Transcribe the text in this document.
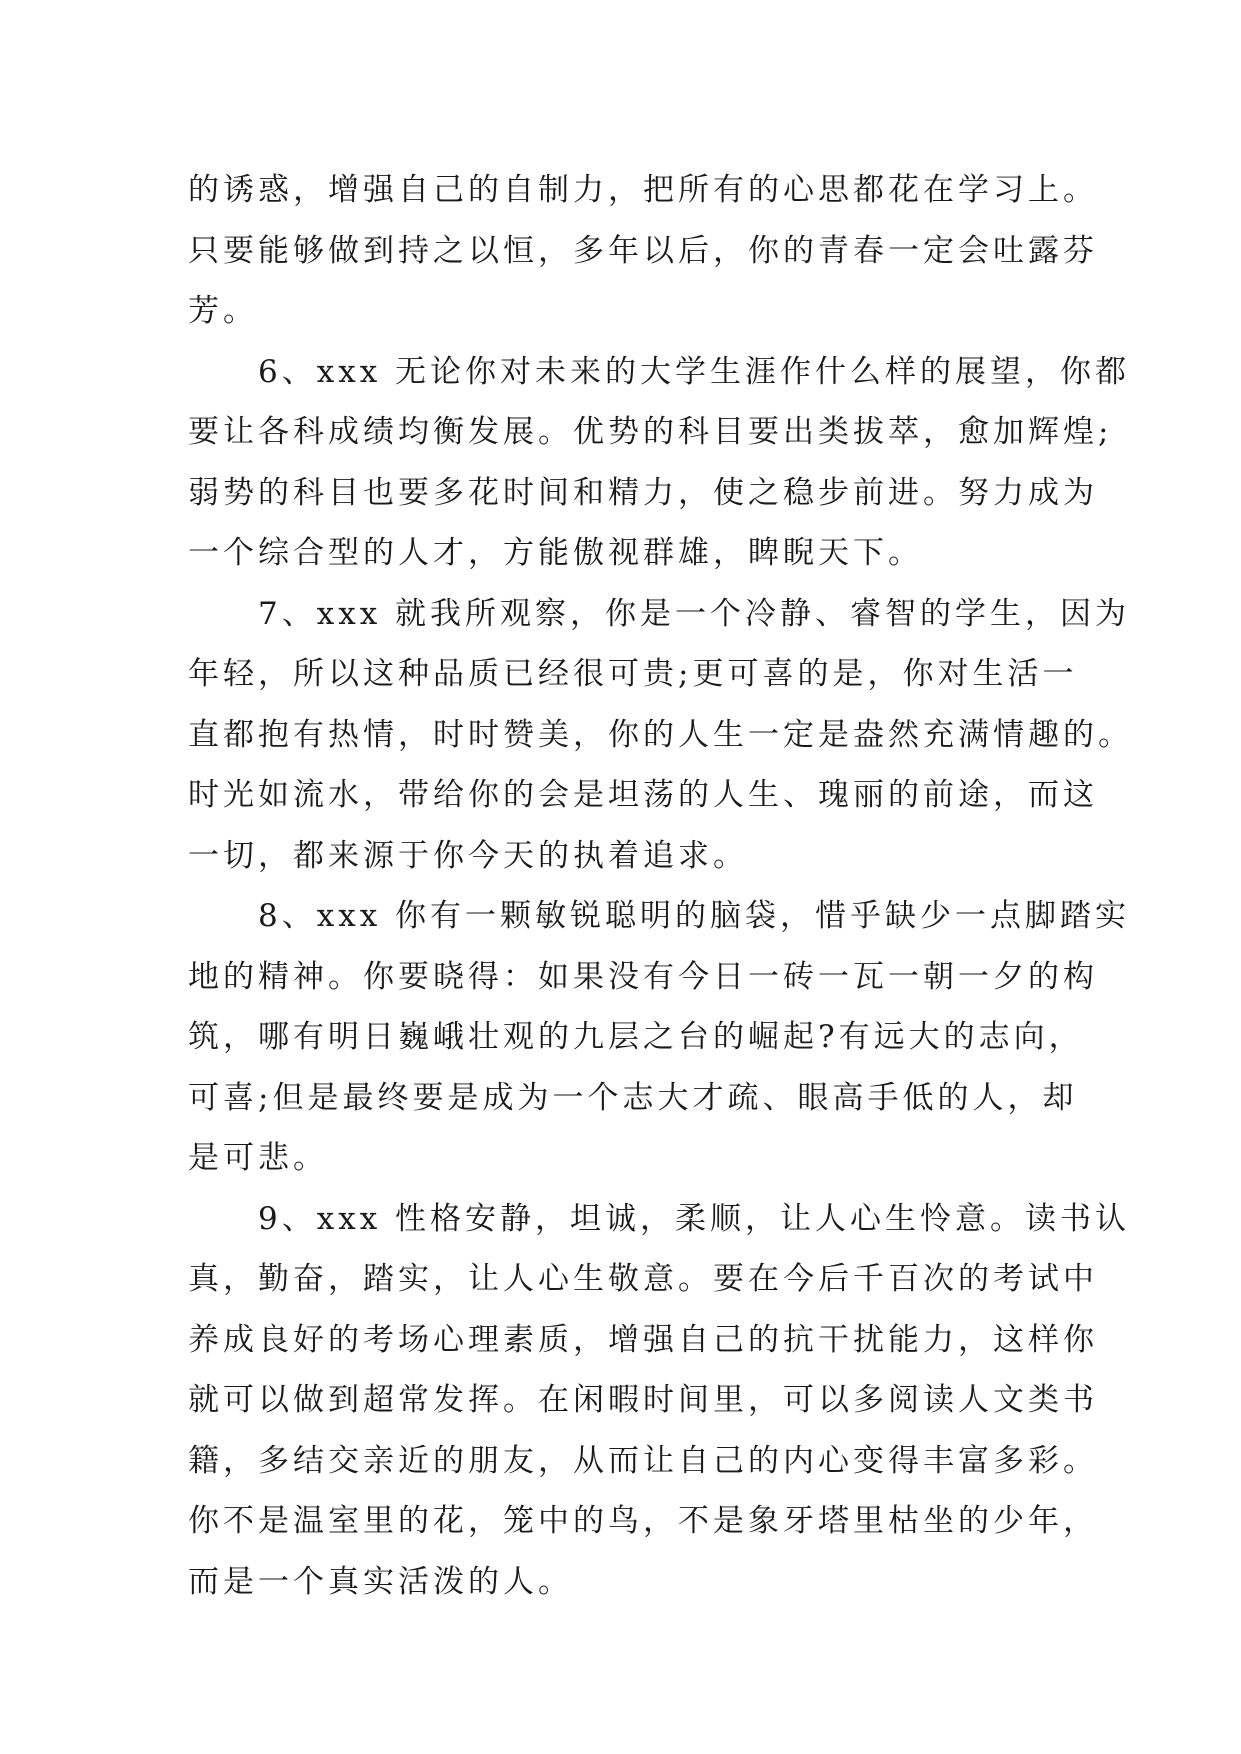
的诱惑，增强自己的自制力，把所有的心思都花在学习上。
只要能够做到持之以恒，多年以后，你的青春一定会吐露芬
芳。
　　6、xxx 无论你对未来的大学生涯作什么样的展望，你都
要让各科成绩均衡发展。优势的科目要出类拔萃，愈加辉煌;
弱势的科目也要多花时间和精力，使之稳步前进。努力成为
一个综合型的人才，方能傲视群雄，睥睨天下。
　　7、xxx 就我所观察，你是一个冷静、睿智的学生，因为
年轻，所以这种品质已经很可贵;更可喜的是，你对生活一
直都抱有热情，时时赞美，你的人生一定是盎然充满情趣的。
时光如流水，带给你的会是坦荡的人生、瑰丽的前途，而这
一切，都来源于你今天的执着追求。
　　8、xxx 你有一颗敏锐聪明的脑袋，惜乎缺少一点脚踏实
地的精神。你要晓得：如果没有今日一砖一瓦一朝一夕的构
筑，哪有明日巍峨壮观的九层之台的崛起?有远大的志向，
可喜;但是最终要是成为一个志大才疏、眼高手低的人，却
是可悲。
　　9、xxx 性格安静，坦诚，柔顺，让人心生怜意。读书认
真，勤奋，踏实，让人心生敬意。要在今后千百次的考试中
养成良好的考场心理素质，增强自己的抗干扰能力，这样你
就可以做到超常发挥。在闲暇时间里，可以多阅读人文类书
籍，多结交亲近的朋友，从而让自己的内心变得丰富多彩。
你不是温室里的花，笼中的鸟，不是象牙塔里枯坐的少年，
而是一个真实活泼的人。
